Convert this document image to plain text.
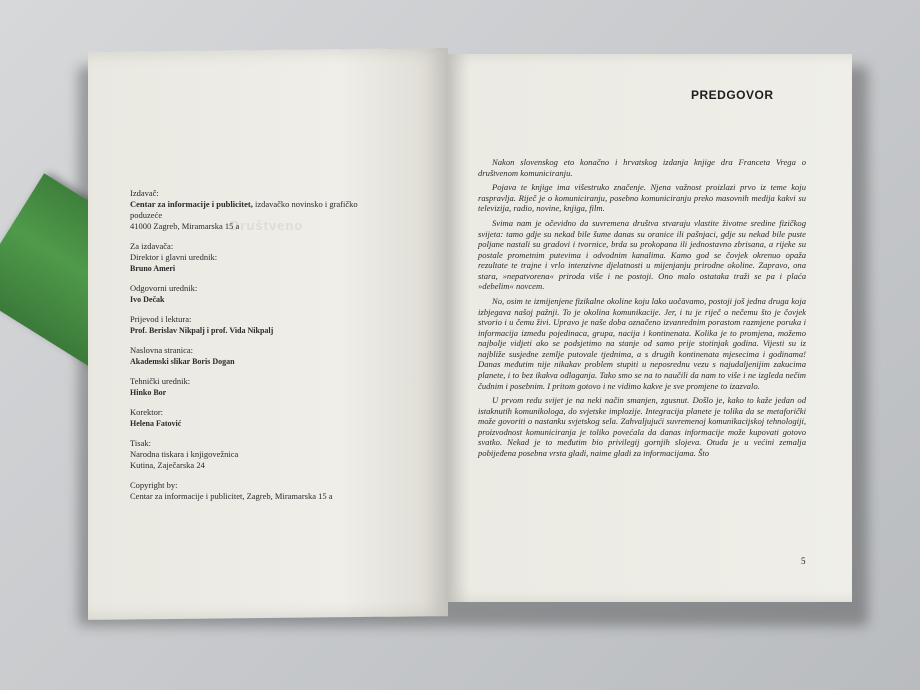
Društveno
Izdavač:
Centar za informacije i publicitet, izdavačko novinsko i grafičko
poduzeće
41000 Zagreb, Miramarska 15 a
Za izdavača:
Direktor i glavni urednik:
Bruno Ameri
Odgovorni urednik:
Ivo Dečak
Prijevod i lektura:
Prof. Berislav Nikpalj i prof. Vida Nikpalj
Naslovna stranica:
Akademski slikar Boris Dogan
Tehnički urednik:
Hinko Bor
Korektor:
Helena Fatović
Tisak:
Narodna tiskara i knjigovežnica
Kutina, Zaječarska 24
Copyright by:
Centar za informacije i publicitet, Zagreb, Miramarska 15 a
PREDGOVOR

Nakon slovenskog eto konačno i hrvatskog izdanja knjige dra Franceta Vrega o društvenom komuniciranju.

Pojava te knjige ima višestruko značenje. Njena važnost proizlazi prvo iz teme koju raspravlja. Riječ je o komuniciranju, posebno komuniciranju preko masovnih medija kakvi su televizija, radio, novine, knjiga, film.

Svima nam je očevidno da suvremena društva stvaraju vlastite životne sredine fizičkog svijeta: tamo gdje su nekad bile šume danas su oranice ili pašnjaci, gdje su nekad bile puste poljane nastali su gradovi i tvornice, brda su prokopana ili jednostavno zbrisana, a rijeke su postale prometnim putevima i odvodnim kanalima. Kamo god se čovjek okrenuo opaža rezultate te trajne i vrlo intenzivne djelatnosti u mijenjanju prirodne okoline. Zapravo, ona stara, »nepatvorena« priroda više i ne postoji. Ono malo ostataka traži se pa i plaća »debelim« novcem.

No, osim te izmijenjene fizikalne okoline koju lako uočavamo, postoji još jedna druga koja izbjegava našoj pažnji. To je okolina komunikacije. Jer, i tu je riječ o nečemu što je čovjek stvorio i u čemu živi. Upravo je naše doba označeno izvanrednim porastom razmjene poruka i informacija između pojedinaca, grupa, nacija i kontinenata. Kolika je to promjena, možemo najbolje vidjeti ako se podsjetimo na stanje od samo prije stotinjak godina. Vijesti su iz najbliže susjedne zemlje putovale tjednima, a s drugih kontinenata mjesecima i godinama! Danas međutim nije nikakav problem stupiti u neposrednu vezu s najudaljenijim zakucima planete, i to bez ikakva odlaganja. Tako smo se na to naučili da nam to više i ne izgleda nečim čudnim i posebnim. I pritom gotovo i ne vidimo kakve je sve promjene to izazvalo.

U prvom redu svijet je na neki način smanjen, zgusnut. Došlo je, kako to kaže jedan od istaknutih komunikologa, do svjetske implozije. Integracija planete je tolika da se metaforički može govoriti o nastanku svjetskog sela. Zahvaljujući suvremenoj komunikacijskoj tehnologiji, proizvodnost komuniciranja je toliko povećala da danas informacije može kupovati gotovo svatko. Nekad je to međutim bio privilegij gornjih slojeva. Otuda je u većini zemalja pobijeđena posebna vrsta gladi, naime gladi za informacijama. Što

5
